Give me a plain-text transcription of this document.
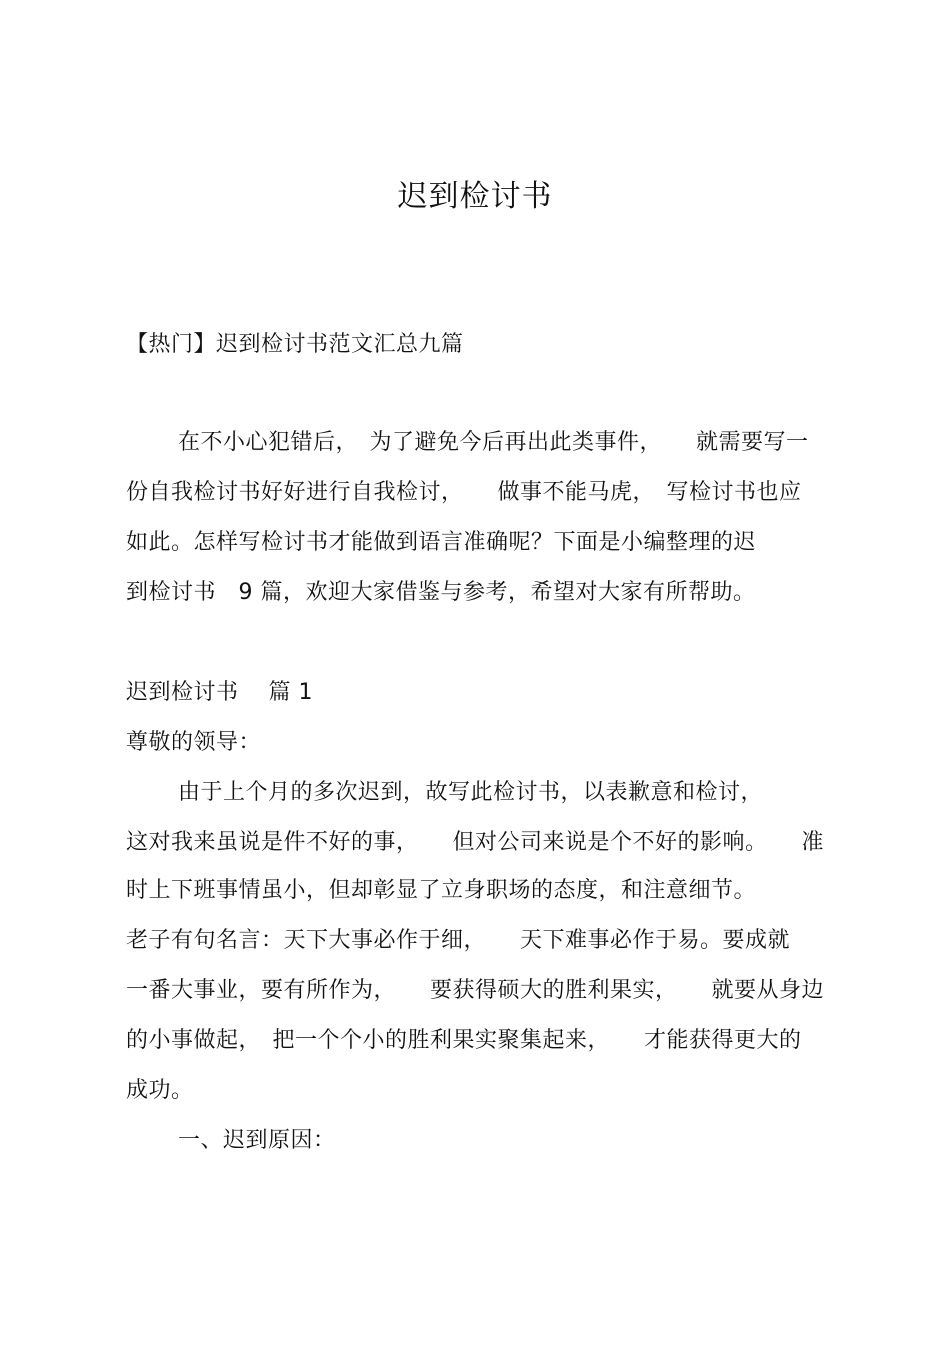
迟到检讨书
【热门】迟到检讨书范文汇总九篇
在不小心犯错后，　为了避免今后再出此类事件，　　就需要写一
份自我检讨书好好进行自我检讨，　　做事不能马虎，　写检讨书也应
如此。怎样写检讨书才能做到语言准确呢？下面是小编整理的迟
到检讨书　9 篇，欢迎大家借鉴与参考，希望对大家有所帮助。
迟到检讨书　 篇 1
尊敬的领导：
由于上个月的多次迟到，故写此检讨书，以表歉意和检讨，
这对我来虽说是件不好的事，　　但对公司来说是个不好的影响。　　准
时上下班事情虽小，但却彰显了立身职场的态度，和注意细节。
老子有句名言：天下大事必作于细，　　天下难事必作于易。要成就
一番大事业，要有所作为，　　要获得硕大的胜利果实，　　就要从身边
的小事做起，　把一个个小的胜利果实聚集起来，　　才能获得更大的
成功。
一、迟到原因：
